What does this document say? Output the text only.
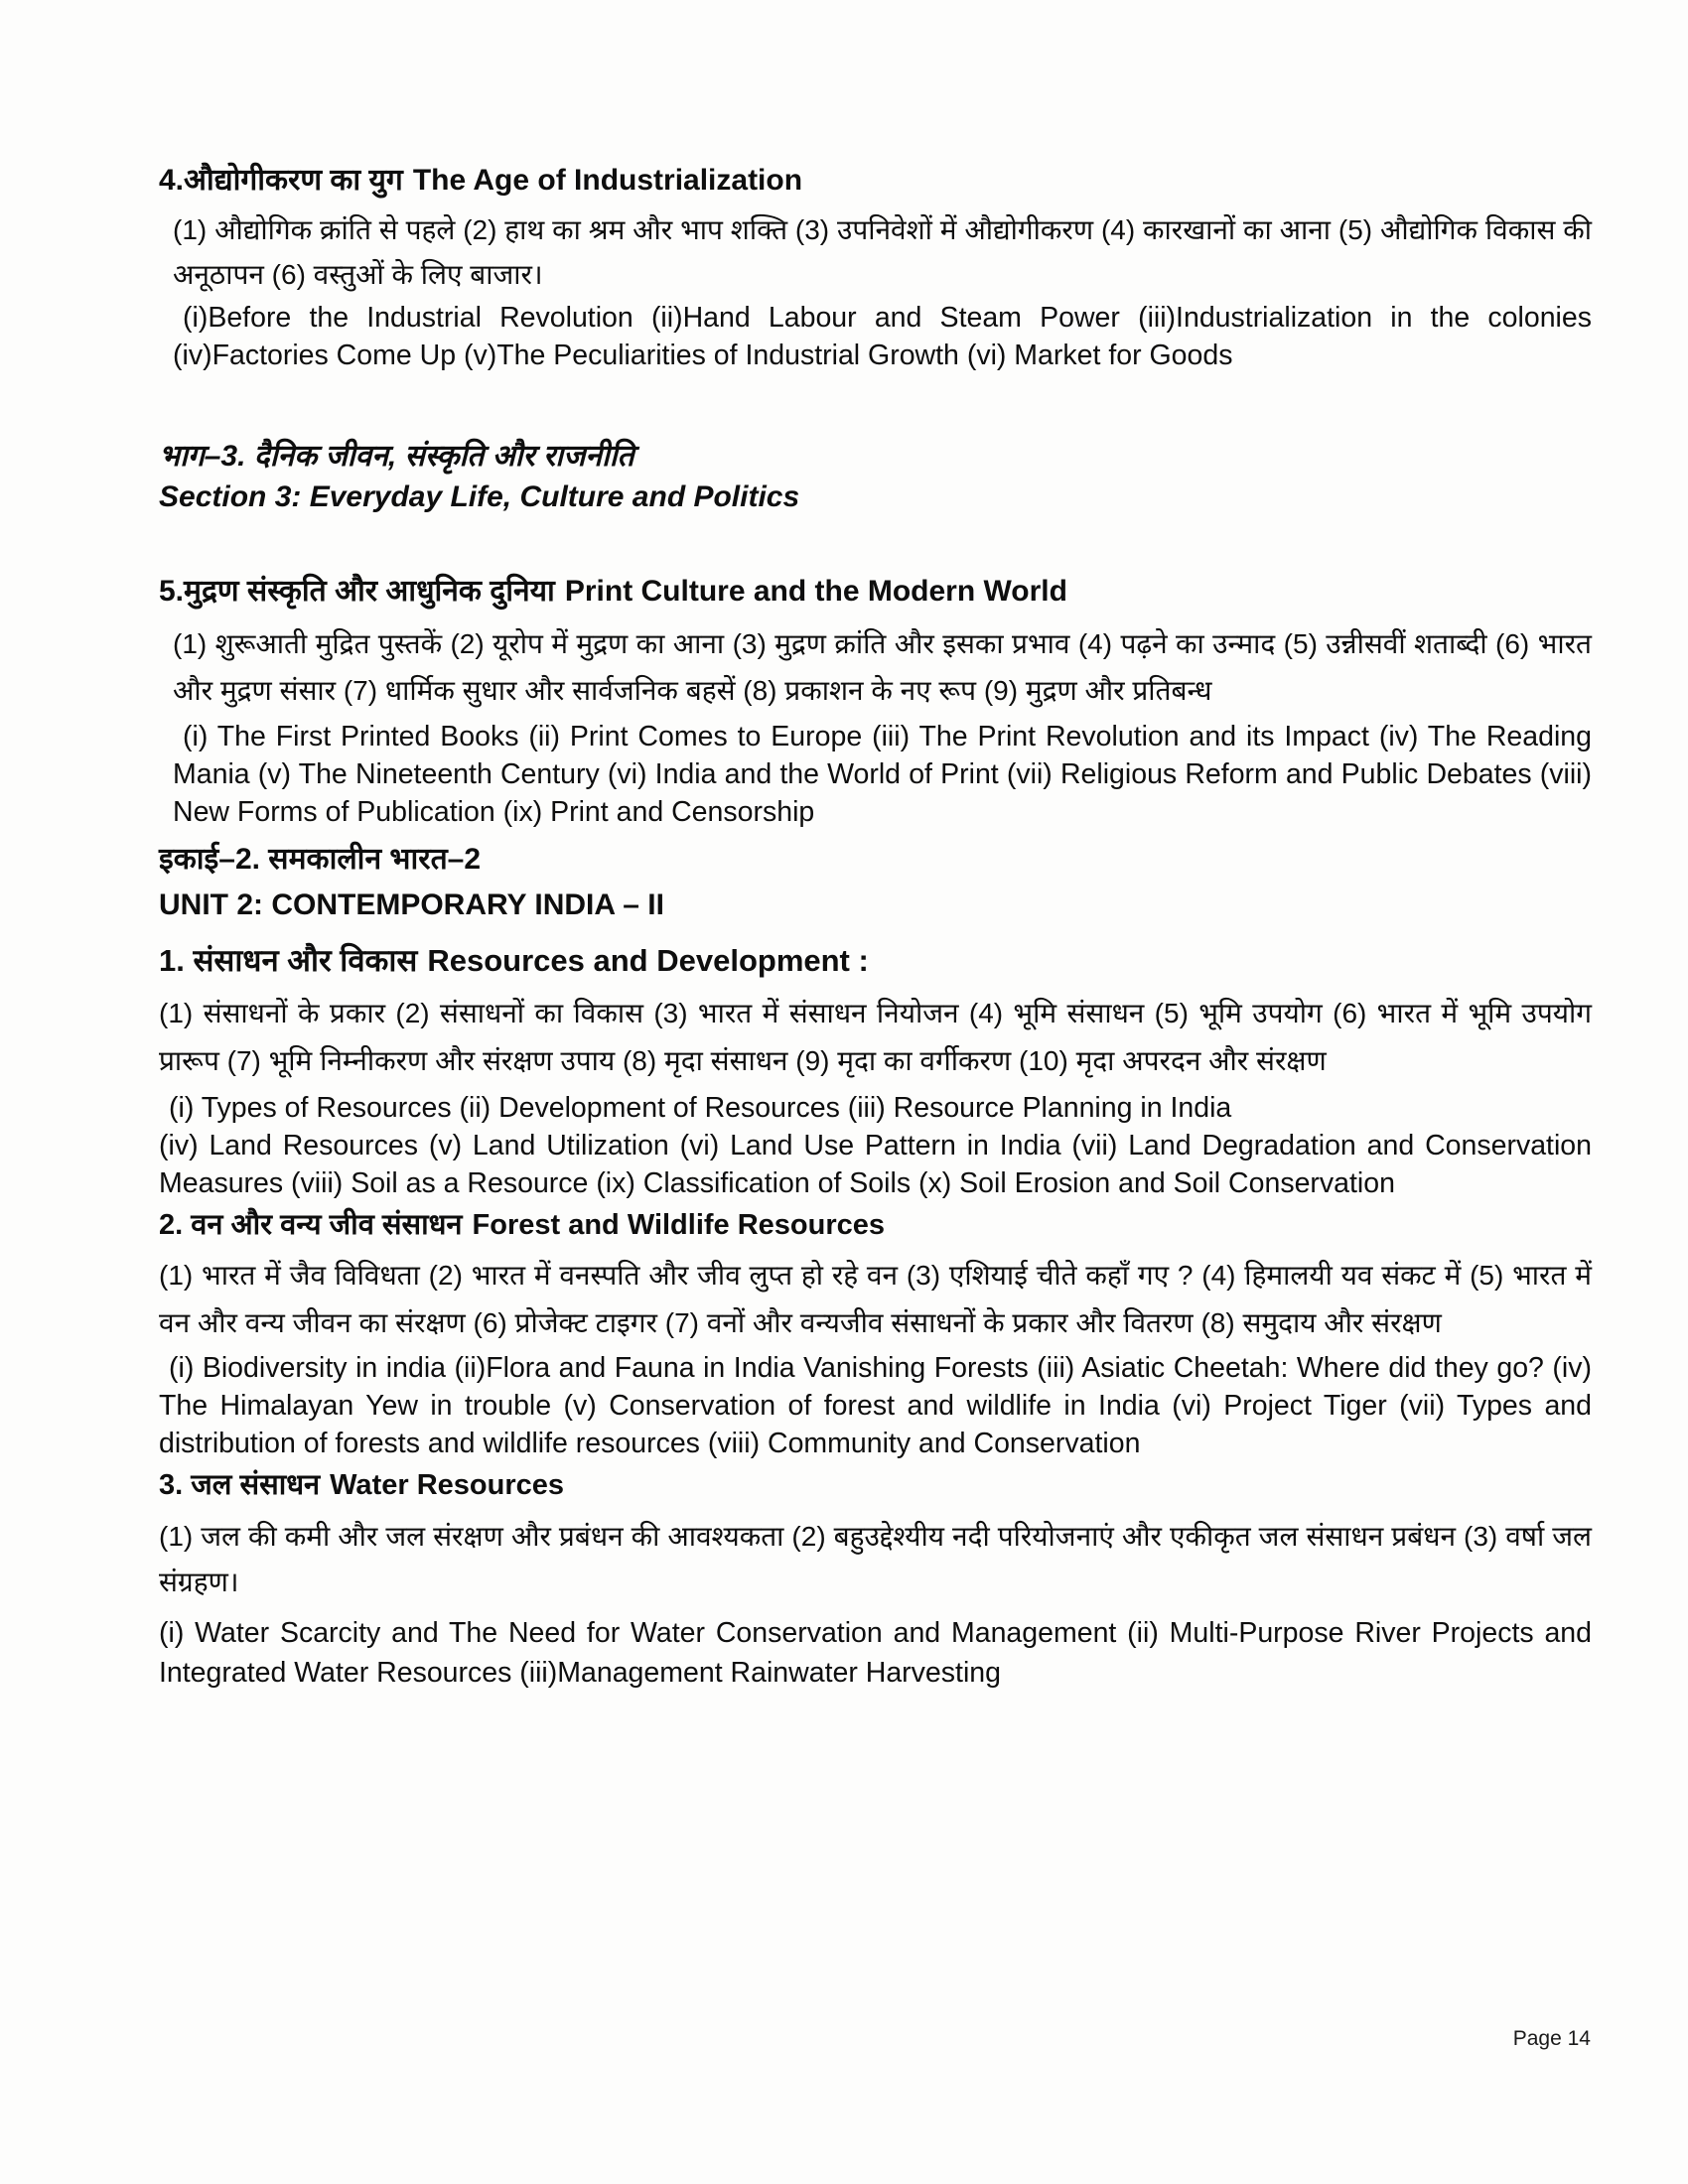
4.औद्योगीकरण का युग The Age of Industrialization

(1) औद्योगिक क्रांति से पहले (2) हाथ का श्रम और भाप शक्ति (3) उपनिवेशों में औद्योगीकरण (4) कारखानों का आना (5) औद्योगिक विकास की अनूठापन (6) वस्तुओं के लिए बाजार।

(i)Before the Industrial Revolution (ii)Hand Labour and Steam Power (iii)Industrialization in the colonies (iv)Factories Come Up (v)The Peculiarities of Industrial Growth (vi) Market for Goods

भाग–3. दैनिक जीवन, संस्कृति और राजनीति
Section 3: Everyday Life, Culture and Politics
5.मुद्रण संस्कृति और आधुनिक दुनिया Print Culture and the Modern World

(1) शुरूआती मुद्रित पुस्तकें (2) यूरोप में मुद्रण का आना (3) मुद्रण क्रांति और इसका प्रभाव (4) पढ़ने का उन्माद (5) उन्नीसवीं शताब्दी (6) भारत और मुद्रण संसार (7) धार्मिक सुधार और सार्वजनिक बहसें (8) प्रकाशन के नए रूप (9) मुद्रण और प्रतिबन्ध

(i) The First Printed Books (ii) Print Comes to Europe (iii) The Print Revolution and its Impact (iv) The Reading Mania (v) The Nineteenth Century (vi) India and the World of Print (vii) Religious Reform and Public Debates (viii) New Forms of Publication (ix) Print and Censorship

इकाई–2. समकालीन भारत–2
UNIT 2: CONTEMPORARY INDIA – II
1. संसाधन और विकास Resources and Development :

(1) संसाधनों के प्रकार (2) संसाधनों का विकास (3) भारत में संसाधन नियोजन (4) भूमि संसाधन (5) भूमि उपयोग (6) भारत में भूमि उपयोग प्रारूप (7) भूमि निम्नीकरण और संरक्षण उपाय (8) मृदा संसाधन (9) मृदा का वर्गीकरण (10) मृदा अपरदन और संरक्षण

(i) Types of Resources (ii) Development of Resources (iii) Resource Planning in India

(iv) Land Resources (v) Land Utilization (vi) Land Use Pattern in India (vii) Land Degradation and Conservation Measures (viii) Soil as a Resource (ix) Classification of Soils (x) Soil Erosion and Soil Conservation

2. वन और वन्य जीव संसाधन Forest and Wildlife Resources

(1) भारत में जैव विविधता (2) भारत में वनस्पति और जीव लुप्त हो रहे वन (3) एशियाई चीते कहाँ गए ? (4) हिमालयी यव संकट में (5) भारत में वन और वन्य जीवन का संरक्षण (6) प्रोजेक्ट टाइगर (7) वनों और वन्यजीव संसाधनों के प्रकार और वितरण (8) समुदाय और संरक्षण

(i) Biodiversity in india (ii)Flora and Fauna in India Vanishing Forests (iii) Asiatic Cheetah: Where did they go? (iv) The Himalayan Yew in trouble (v) Conservation of forest and wildlife in India (vi) Project Tiger (vii) Types and distribution of forests and wildlife resources (viii) Community and Conservation

3. जल संसाधन Water Resources

(1) जल की कमी और जल संरक्षण और प्रबंधन की आवश्यकता (2) बहुउद्देश्यीय नदी परियोजनाएं और एकीकृत जल संसाधन प्रबंधन (3) वर्षा जल संग्रहण।

(i) Water Scarcity and The Need for Water Conservation and Management (ii) Multi-Purpose River Projects and Integrated Water Resources (iii)Management Rainwater Harvesting

Page 14
